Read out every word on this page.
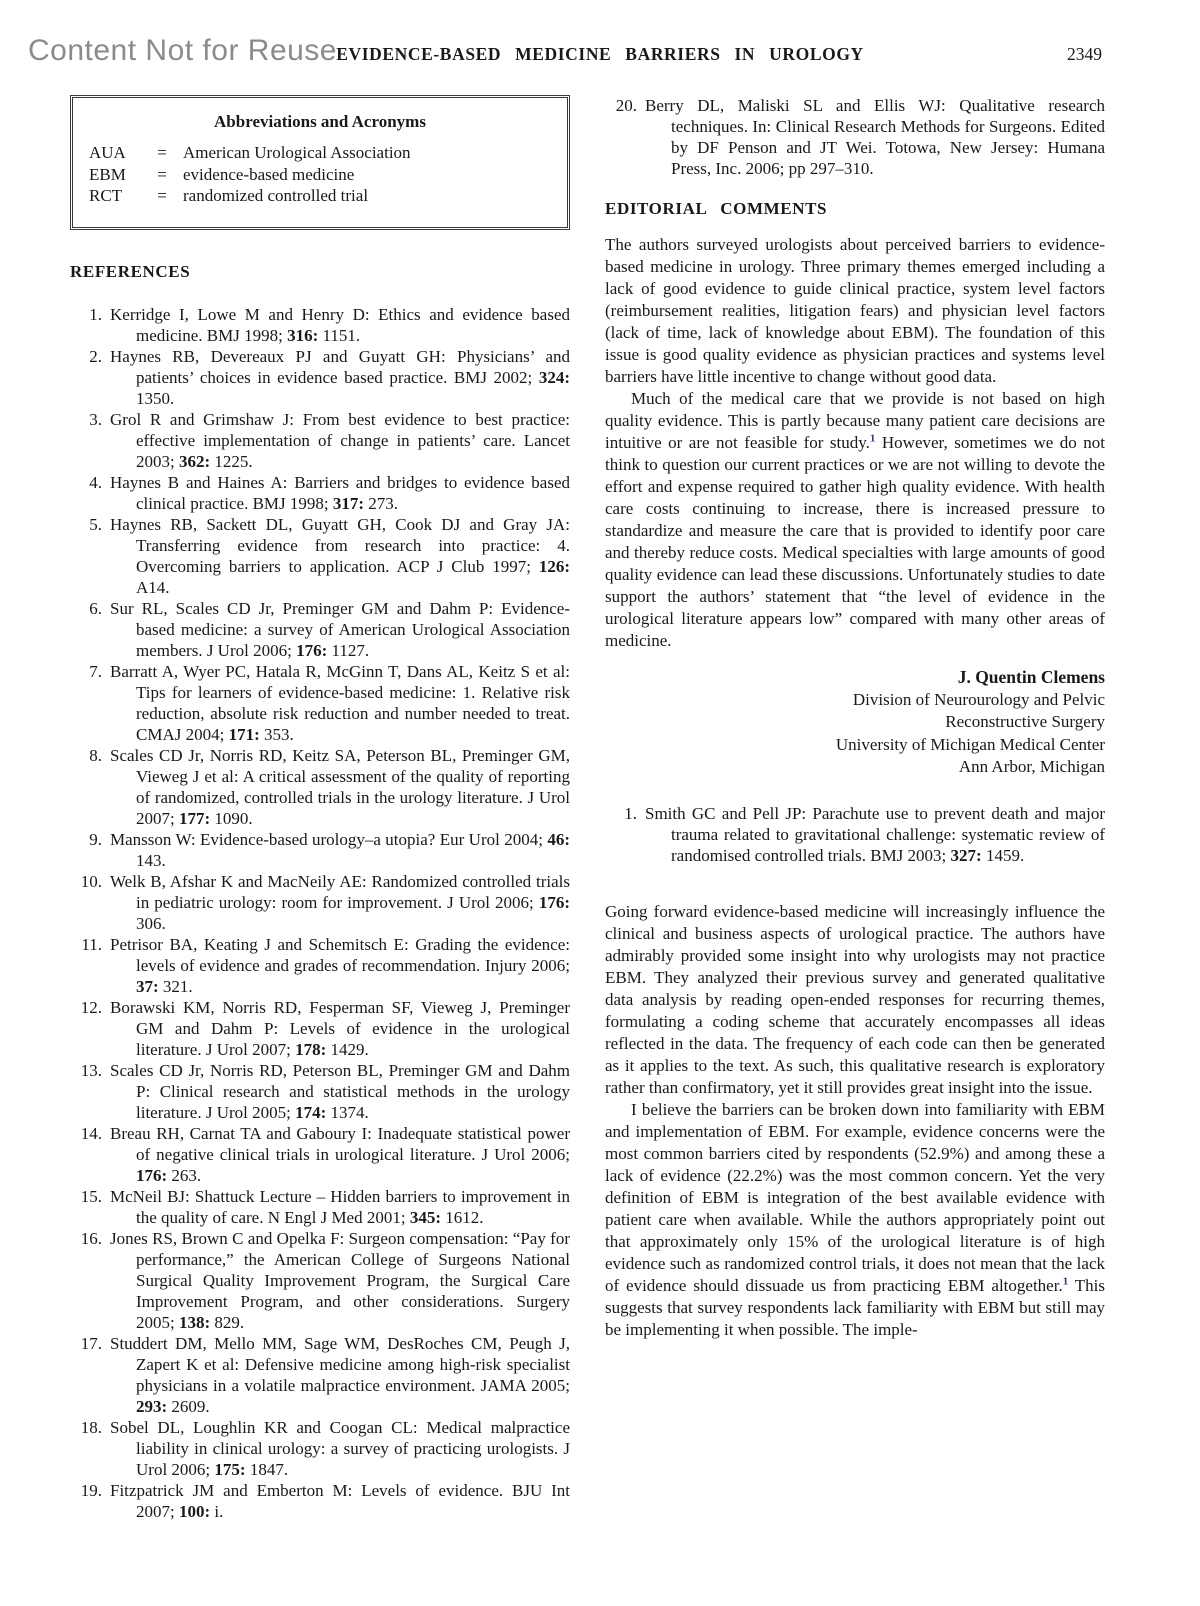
Content Not for Reuse EVIDENCE-BASED MEDICINE BARRIERS IN UROLOGY	2349
Abbreviations and Acronyms
AUA	= American Urological Association
EBM	= evidence-based medicine
RCT	= randomized controlled trial
REFERENCES
1. Kerridge I, Lowe M and Henry D: Ethics and evidence based medicine. BMJ 1998; 316: 1151.
2. Haynes RB, Devereaux PJ and Guyatt GH: Physicians’ and patients’ choices in evidence based practice. BMJ 2002; 324: 1350.
3. Grol R and Grimshaw J: From best evidence to best practice: effective implementation of change in patients’ care. Lancet 2003; 362: 1225.
4. Haynes B and Haines A: Barriers and bridges to evidence based clinical practice. BMJ 1998; 317: 273.
5. Haynes RB, Sackett DL, Guyatt GH, Cook DJ and Gray JA: Transferring evidence from research into practice: 4. Overcoming barriers to application. ACP J Club 1997; 126: A14.
6. Sur RL, Scales CD Jr, Preminger GM and Dahm P: Evidence-based medicine: a survey of American Urological Association members. J Urol 2006; 176: 1127.
7. Barratt A, Wyer PC, Hatala R, McGinn T, Dans AL, Keitz S et al: Tips for learners of evidence-based medicine: 1. Relative risk reduction, absolute risk reduction and number needed to treat. CMAJ 2004; 171: 353.
8. Scales CD Jr, Norris RD, Keitz SA, Peterson BL, Preminger GM, Vieweg J et al: A critical assessment of the quality of reporting of randomized, controlled trials in the urology literature. J Urol 2007; 177: 1090.
9. Mansson W: Evidence-based urology–a utopia? Eur Urol 2004; 46: 143.
10. Welk B, Afshar K and MacNeily AE: Randomized controlled trials in pediatric urology: room for improvement. J Urol 2006; 176: 306.
11. Petrisor BA, Keating J and Schemitsch E: Grading the evidence: levels of evidence and grades of recommendation. Injury 2006; 37: 321.
12. Borawski KM, Norris RD, Fesperman SF, Vieweg J, Preminger GM and Dahm P: Levels of evidence in the urological literature. J Urol 2007; 178: 1429.
13. Scales CD Jr, Norris RD, Peterson BL, Preminger GM and Dahm P: Clinical research and statistical methods in the urology literature. J Urol 2005; 174: 1374.
14. Breau RH, Carnat TA and Gaboury I: Inadequate statistical power of negative clinical trials in urological literature. J Urol 2006; 176: 263.
15. McNeil BJ: Shattuck Lecture – Hidden barriers to improvement in the quality of care. N Engl J Med 2001; 345: 1612.
16. Jones RS, Brown C and Opelka F: Surgeon compensation: “Pay for performance,” the American College of Surgeons National Surgical Quality Improvement Program, the Surgical Care Improvement Program, and other considerations. Surgery 2005; 138: 829.
17. Studdert DM, Mello MM, Sage WM, DesRoches CM, Peugh J, Zapert K et al: Defensive medicine among high-risk specialist physicians in a volatile malpractice environment. JAMA 2005; 293: 2609.
18. Sobel DL, Loughlin KR and Coogan CL: Medical malpractice liability in clinical urology: a survey of practicing urologists. J Urol 2006; 175: 1847.
19. Fitzpatrick JM and Emberton M: Levels of evidence. BJU Int 2007; 100: i.
20. Berry DL, Maliski SL and Ellis WJ: Qualitative research techniques. In: Clinical Research Methods for Surgeons. Edited by DF Penson and JT Wei. Totowa, New Jersey: Humana Press, Inc. 2006; pp 297–310.
EDITORIAL COMMENTS

The authors surveyed urologists about perceived barriers to evidence-based medicine in urology. Three primary themes emerged including a lack of good evidence to guide clinical practice, system level factors (reimbursement realities, litigation fears) and physician level factors (lack of time, lack of knowledge about EBM). The foundation of this issue is good quality evidence as physician practices and systems level barriers have little incentive to change without good data.

Much of the medical care that we provide is not based on high quality evidence. This is partly because many patient care decisions are intuitive or are not feasible for study.$^1$ However, sometimes we do not think to question our current practices or we are not willing to devote the effort and expense required to gather high quality evidence. With health care costs continuing to increase, there is increased pressure to standardize and measure the care that is provided to identify poor care and thereby reduce costs. Medical specialties with large amounts of good quality evidence can lead these discussions. Unfortunately studies to date support the authors’ statement that “the level of evidence in the urological literature appears low” compared with many other areas of medicine.

J. Quentin Clemens
Division of Neurourology and Pelvic
Reconstructive Surgery
University of Michigan Medical Center
Ann Arbor, Michigan
1. Smith GC and Pell JP: Parachute use to prevent death and major trauma related to gravitational challenge: systematic review of randomised controlled trials. BMJ 2003; 327: 1459.

Going forward evidence-based medicine will increasingly influence the clinical and business aspects of urological practice. The authors have admirably provided some insight into why urologists may not practice EBM. They analyzed their previous survey and generated qualitative data analysis by reading open-ended responses for recurring themes, formulating a coding scheme that accurately encompasses all ideas reflected in the data. The frequency of each code can then be generated as it applies to the text. As such, this qualitative research is exploratory rather than confirmatory, yet it still provides great insight into the issue.

I believe the barriers can be broken down into familiarity with EBM and implementation of EBM. For example, evidence concerns were the most common barriers cited by respondents (52.9%) and among these a lack of evidence (22.2%) was the most common concern. Yet the very definition of EBM is integration of the best available evidence with patient care when available. While the authors appropriately point out that approximately only 15% of the urological literature is of high evidence such as randomized control trials, it does not mean that the lack of evidence should dissuade us from practicing EBM altogether.$^1$ This suggests that survey respondents lack familiarity with EBM but still may be implementing it when possible. The imple-
